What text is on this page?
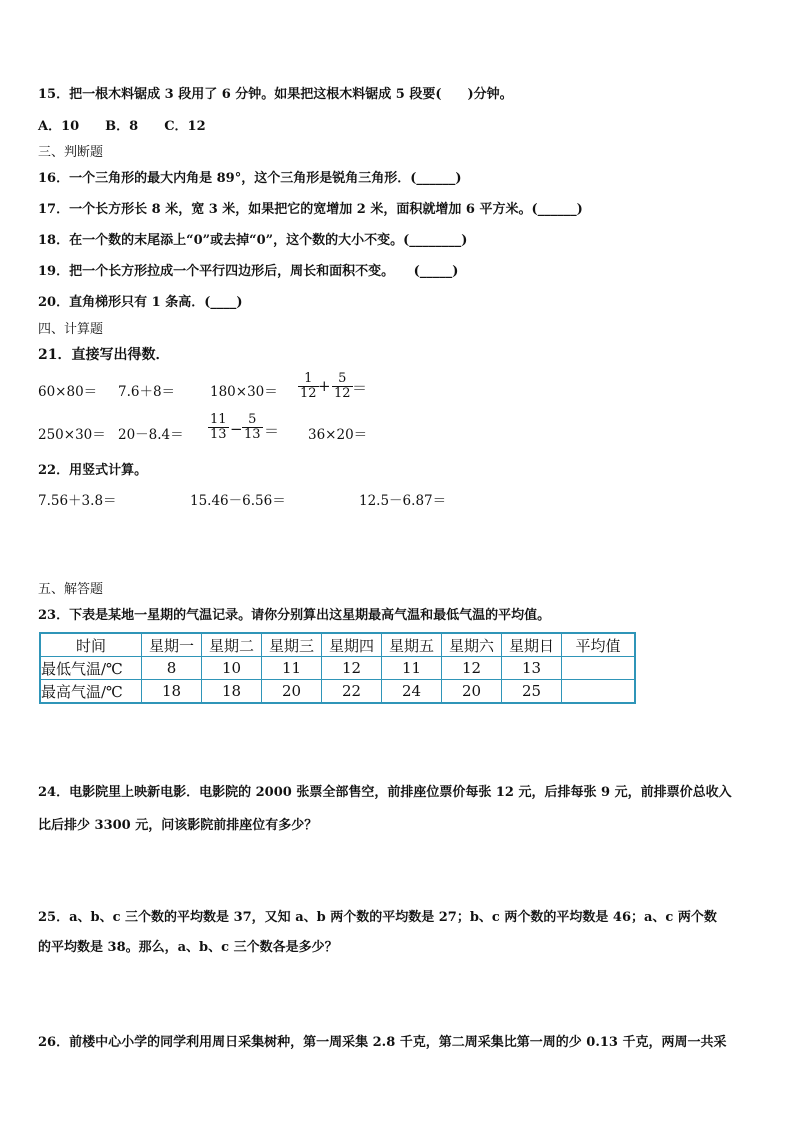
15．把一根木料锯成 3 段用了 6 分钟。如果把这根木料锯成 5 段要(　　)分钟。
A．10　　B．8　　C．12
三、判断题
16．一个三角形的最大内角是 89°，这个三角形是锐角三角形．(______)
17．一个长方形长 8 米，宽 3 米，如果把它的宽增加 2 米，面积就增加 6 平方米。(______)
18．在一个数的末尾添上“0”或去掉“0”，这个数的大小不变。(________)
19．把一个长方形拉成一个平行四边形后，周长和面积不变。　　(_____)
20．直角梯形只有 1 条高．(____)
四、计算题
21．直接写出得数．
60×80＝ 7.6＋8＝	$180\times 30= \frac{1}{12} + \frac{5}{12}$ ＝
$250\times 30= 20-8.4= \frac{11}{13} - \frac{5}{13} = 36\times 20=$
22．用竖式计算。
7.56＋3.8＝	15.46－6.56＝	12.5－6.87＝
五、解答题
23．下表是某地一星期的气温记录。请你分别算出这星期最高气温和最低气温的平均值。
时间	星期一	星期二	星期三	星期四	星期五	星期六	星期日	平均值
最低气温/℃	8	10	11	12	11	12	13	
最高气温/℃	18	18	20	22	24	20	25	
24．电影院里上映新电影．电影院的 2000 张票全部售空，前排座位票价每张 12 元，后排每张 9 元，前排票价总收入
比后排少 3300 元，问该影院前排座位有多少？
25．a、b、c 三个数的平均数是 37，又知 a、b 两个数的平均数是 27；b、c 两个数的平均数是 46；a、c 两个数
的平均数是 38。那么，a、b、c 三个数各是多少？
26．前楼中心小学的同学利用周日采集树种，第一周采集 2.8 千克，第二周采集比第一周的少 0.13 千克，两周一共采
